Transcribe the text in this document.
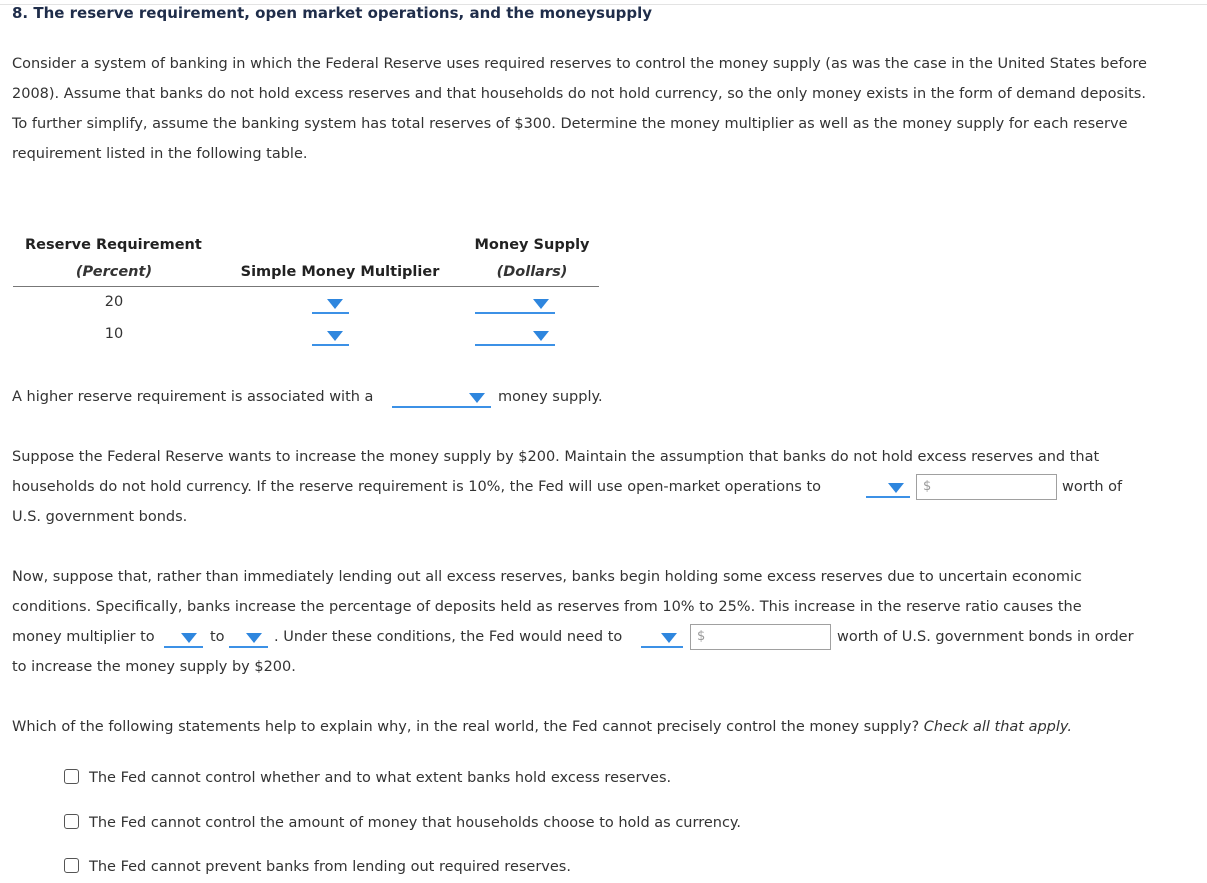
8. The reserve requirement, open market operations, and the moneysupply
Consider a system of banking in which the Federal Reserve uses required reserves to control the money supply (as was the case in the United States before 2008). Assume that banks do not hold excess reserves and that households do not hold currency, so the only money exists in the form of demand deposits. To further simplify, assume the banking system has total reserves of $300. Determine the money multiplier as well as the money supply for each reserve requirement listed in the following table.
Reserve Requirement		Money Supply
(Percent)	Simple Money Multiplier	(Dollars)
20		
10		
A higher reserve requirement is associated with a	money supply.
Suppose the Federal Reserve wants to increase the money supply by $200. Maintain the assumption that banks do not hold excess reserves and that
households do not hold currency. If the reserve requirement is 10%, the Fed will use open-market operations to	$	worth of
U.S. government bonds.
Now, suppose that, rather than immediately lending out all excess reserves, banks begin holding some excess reserves due to uncertain economic
conditions. Specifically, banks increase the percentage of deposits held as reserves from 10% to 25%. This increase in the reserve ratio causes the
money multiplier to	to	. Under these conditions, the Fed would need to	$	worth of U.S. government bonds in order
to increase the money supply by $200.
Which of the following statements help to explain why, in the real world, the Fed cannot precisely control the money supply? Check all that apply.
The Fed cannot control whether and to what extent banks hold excess reserves.
The Fed cannot control the amount of money that households choose to hold as currency.
The Fed cannot prevent banks from lending out required reserves.
